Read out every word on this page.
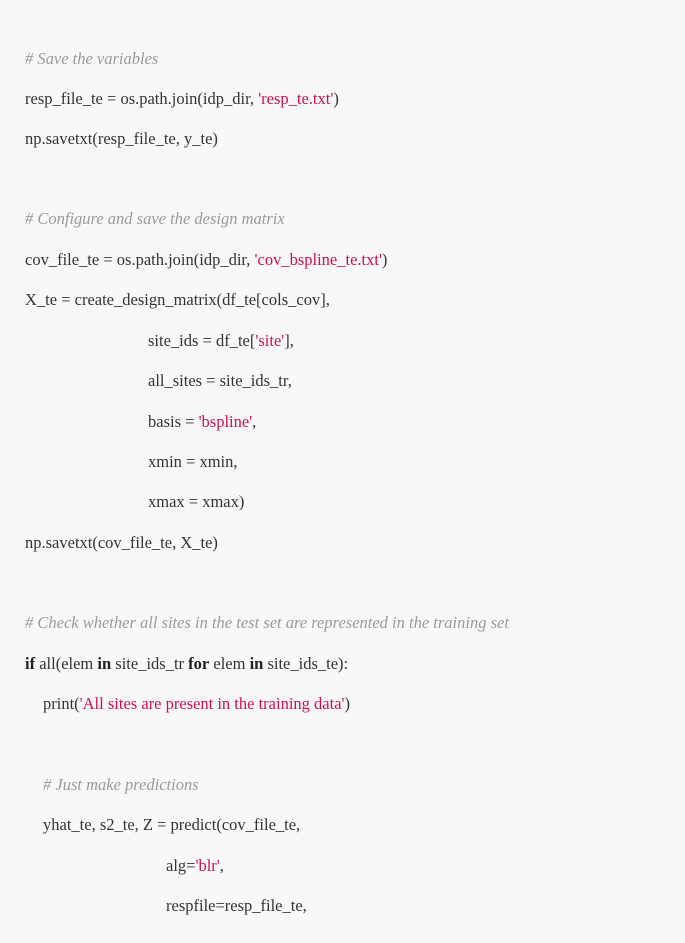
# Save the variables
resp_file_te = os.path.join(idp_dir, 'resp_te.txt')
np.savetxt(resp_file_te, y_te)
# Configure and save the design matrix
cov_file_te = os.path.join(idp_dir, 'cov_bspline_te.txt')
X_te = create_design_matrix(df_te[cols_cov],
site_ids = df_te['site'],
all_sites = site_ids_tr,
basis = 'bspline',
xmin = xmin,
xmax = xmax)
np.savetxt(cov_file_te, X_te)
# Check whether all sites in the test set are represented in the training set
if all(elem in site_ids_tr for elem in site_ids_te):
print('All sites are present in the training data')
# Just make predictions
yhat_te, s2_te, Z = predict(cov_file_te,
alg='blr',
respfile=resp_file_te,
